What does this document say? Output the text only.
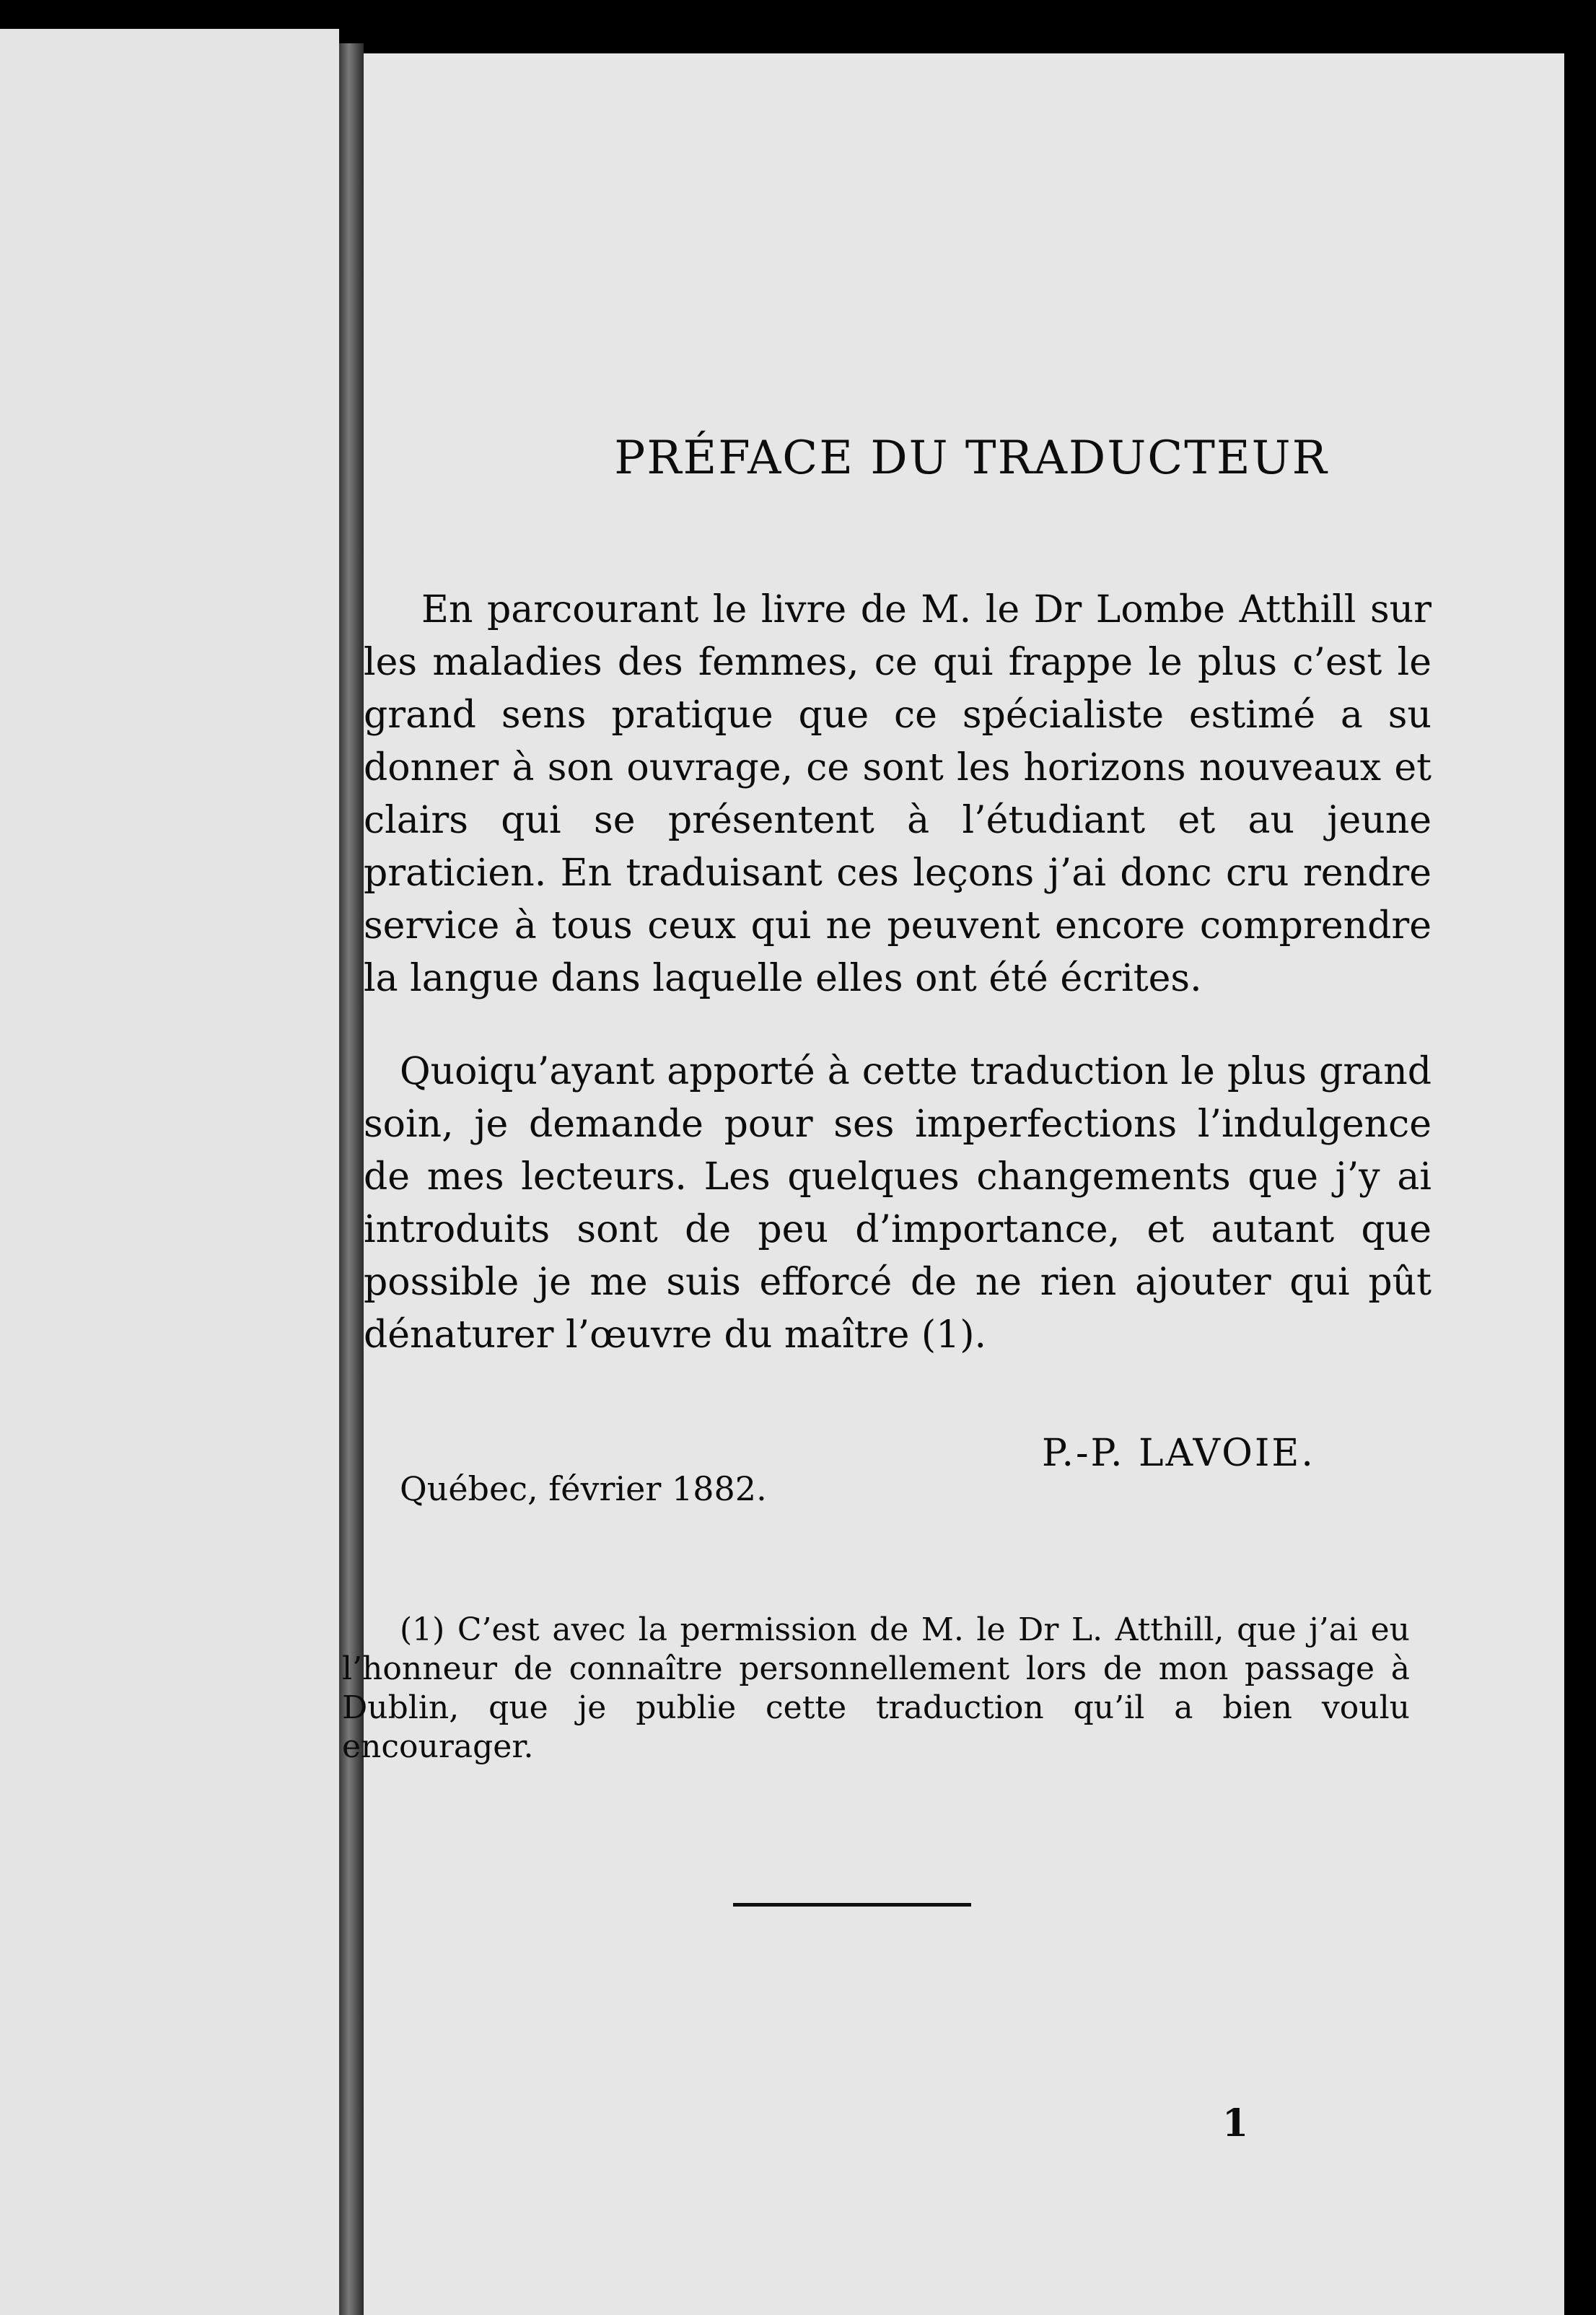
PRÉFACE DU TRADUCTEUR

En parcourant le livre de M. le Dr Lombe Atthill sur les maladies des femmes, ce qui frappe le plus c’est le grand sens pratique que ce spécialiste estimé a su donner à son ouvrage, ce sont les horizons nouveaux et clairs qui se présentent à l’étudiant et au jeune praticien. En traduisant ces leçons j’ai donc cru rendre service à tous ceux qui ne peuvent encore comprendre la langue dans laquelle elles ont été écrites.

Quoiqu’ayant apporté à cette traduction le plus grand soin, je demande pour ses imperfections l’indulgence de mes lecteurs. Les quelques changements que j’y ai introduits sont de peu d’importance, et autant que possible je me suis efforcé de ne rien ajouter qui pût dénaturer l’œuvre du maître (1).

P.-P. LAVOIE.
Québec, février 1882.

(1) C’est avec la permission de M. le Dr L. Atthill, que j’ai eu l’honneur de connaître personnellement lors de mon passage à Dublin, que je publie cette traduction qu’il a bien voulu encourager.

1
